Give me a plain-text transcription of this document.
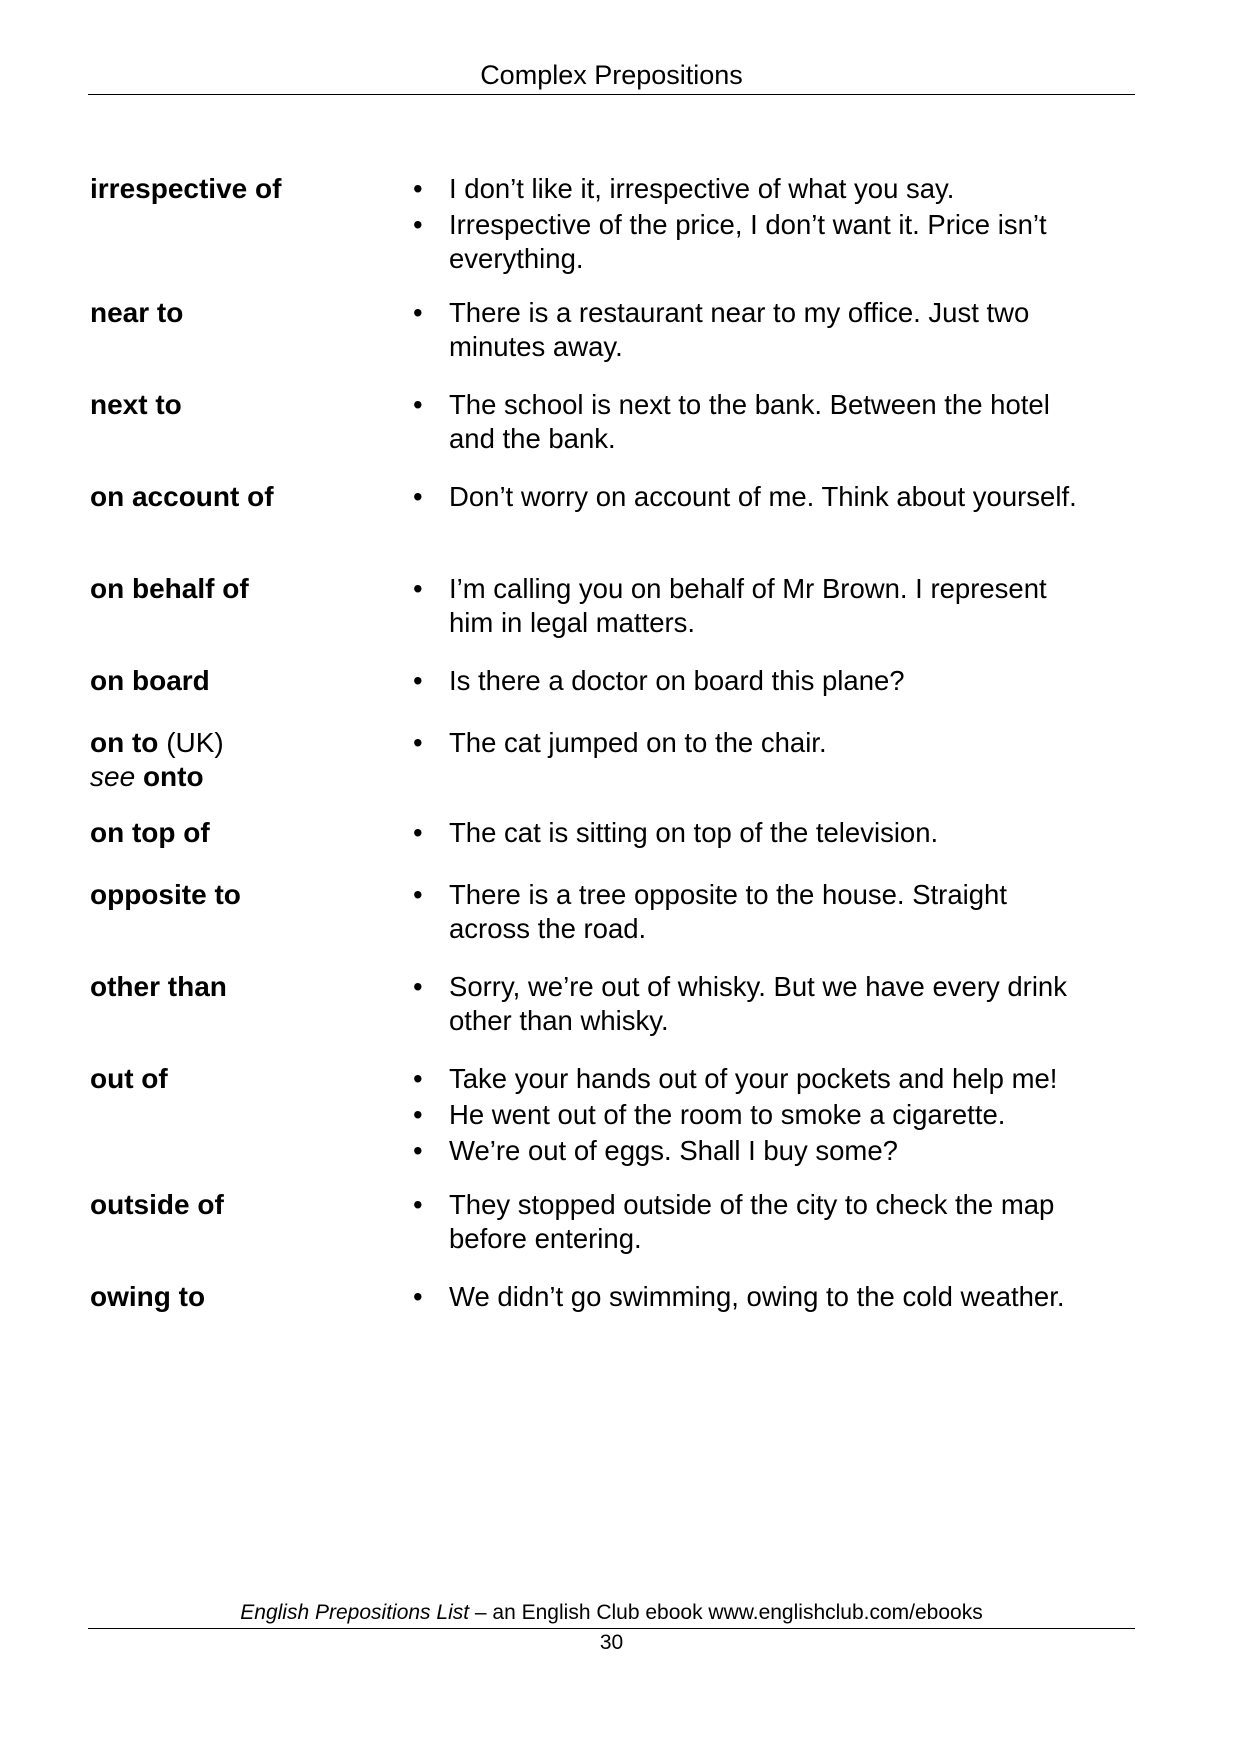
Complex Prepositions
irrespective of	• I don’t like it, irrespective of what you say.
• Irrespective of the price, I don’t want it. Price isn’t everything.
near to	• There is a restaurant near to my office. Just two minutes away.
next to	• The school is next to the bank. Between the hotel and the bank.
on account of	• Don’t worry on account of me. Think about yourself.
on behalf of	• I’m calling you on behalf of Mr Brown. I represent him in legal matters.
on board	• Is there a doctor on board this plane?
on to (UK)
see onto
• The cat jumped on to the chair.
on top of	• The cat is sitting on top of the television.
opposite to	• There is a tree opposite to the house. Straight across the road.
other than	• Sorry, we’re out of whisky. But we have every drink other than whisky.
out of	• Take your hands out of your pockets and help me!
• He went out of the room to smoke a cigarette.
• We’re out of eggs. Shall I buy some?
outside of	• They stopped outside of the city to check the map before entering.
owing to	• We didn’t go swimming, owing to the cold weather.
English Prepositions List – an English Club ebook www.englishclub.com/ebooks
30
